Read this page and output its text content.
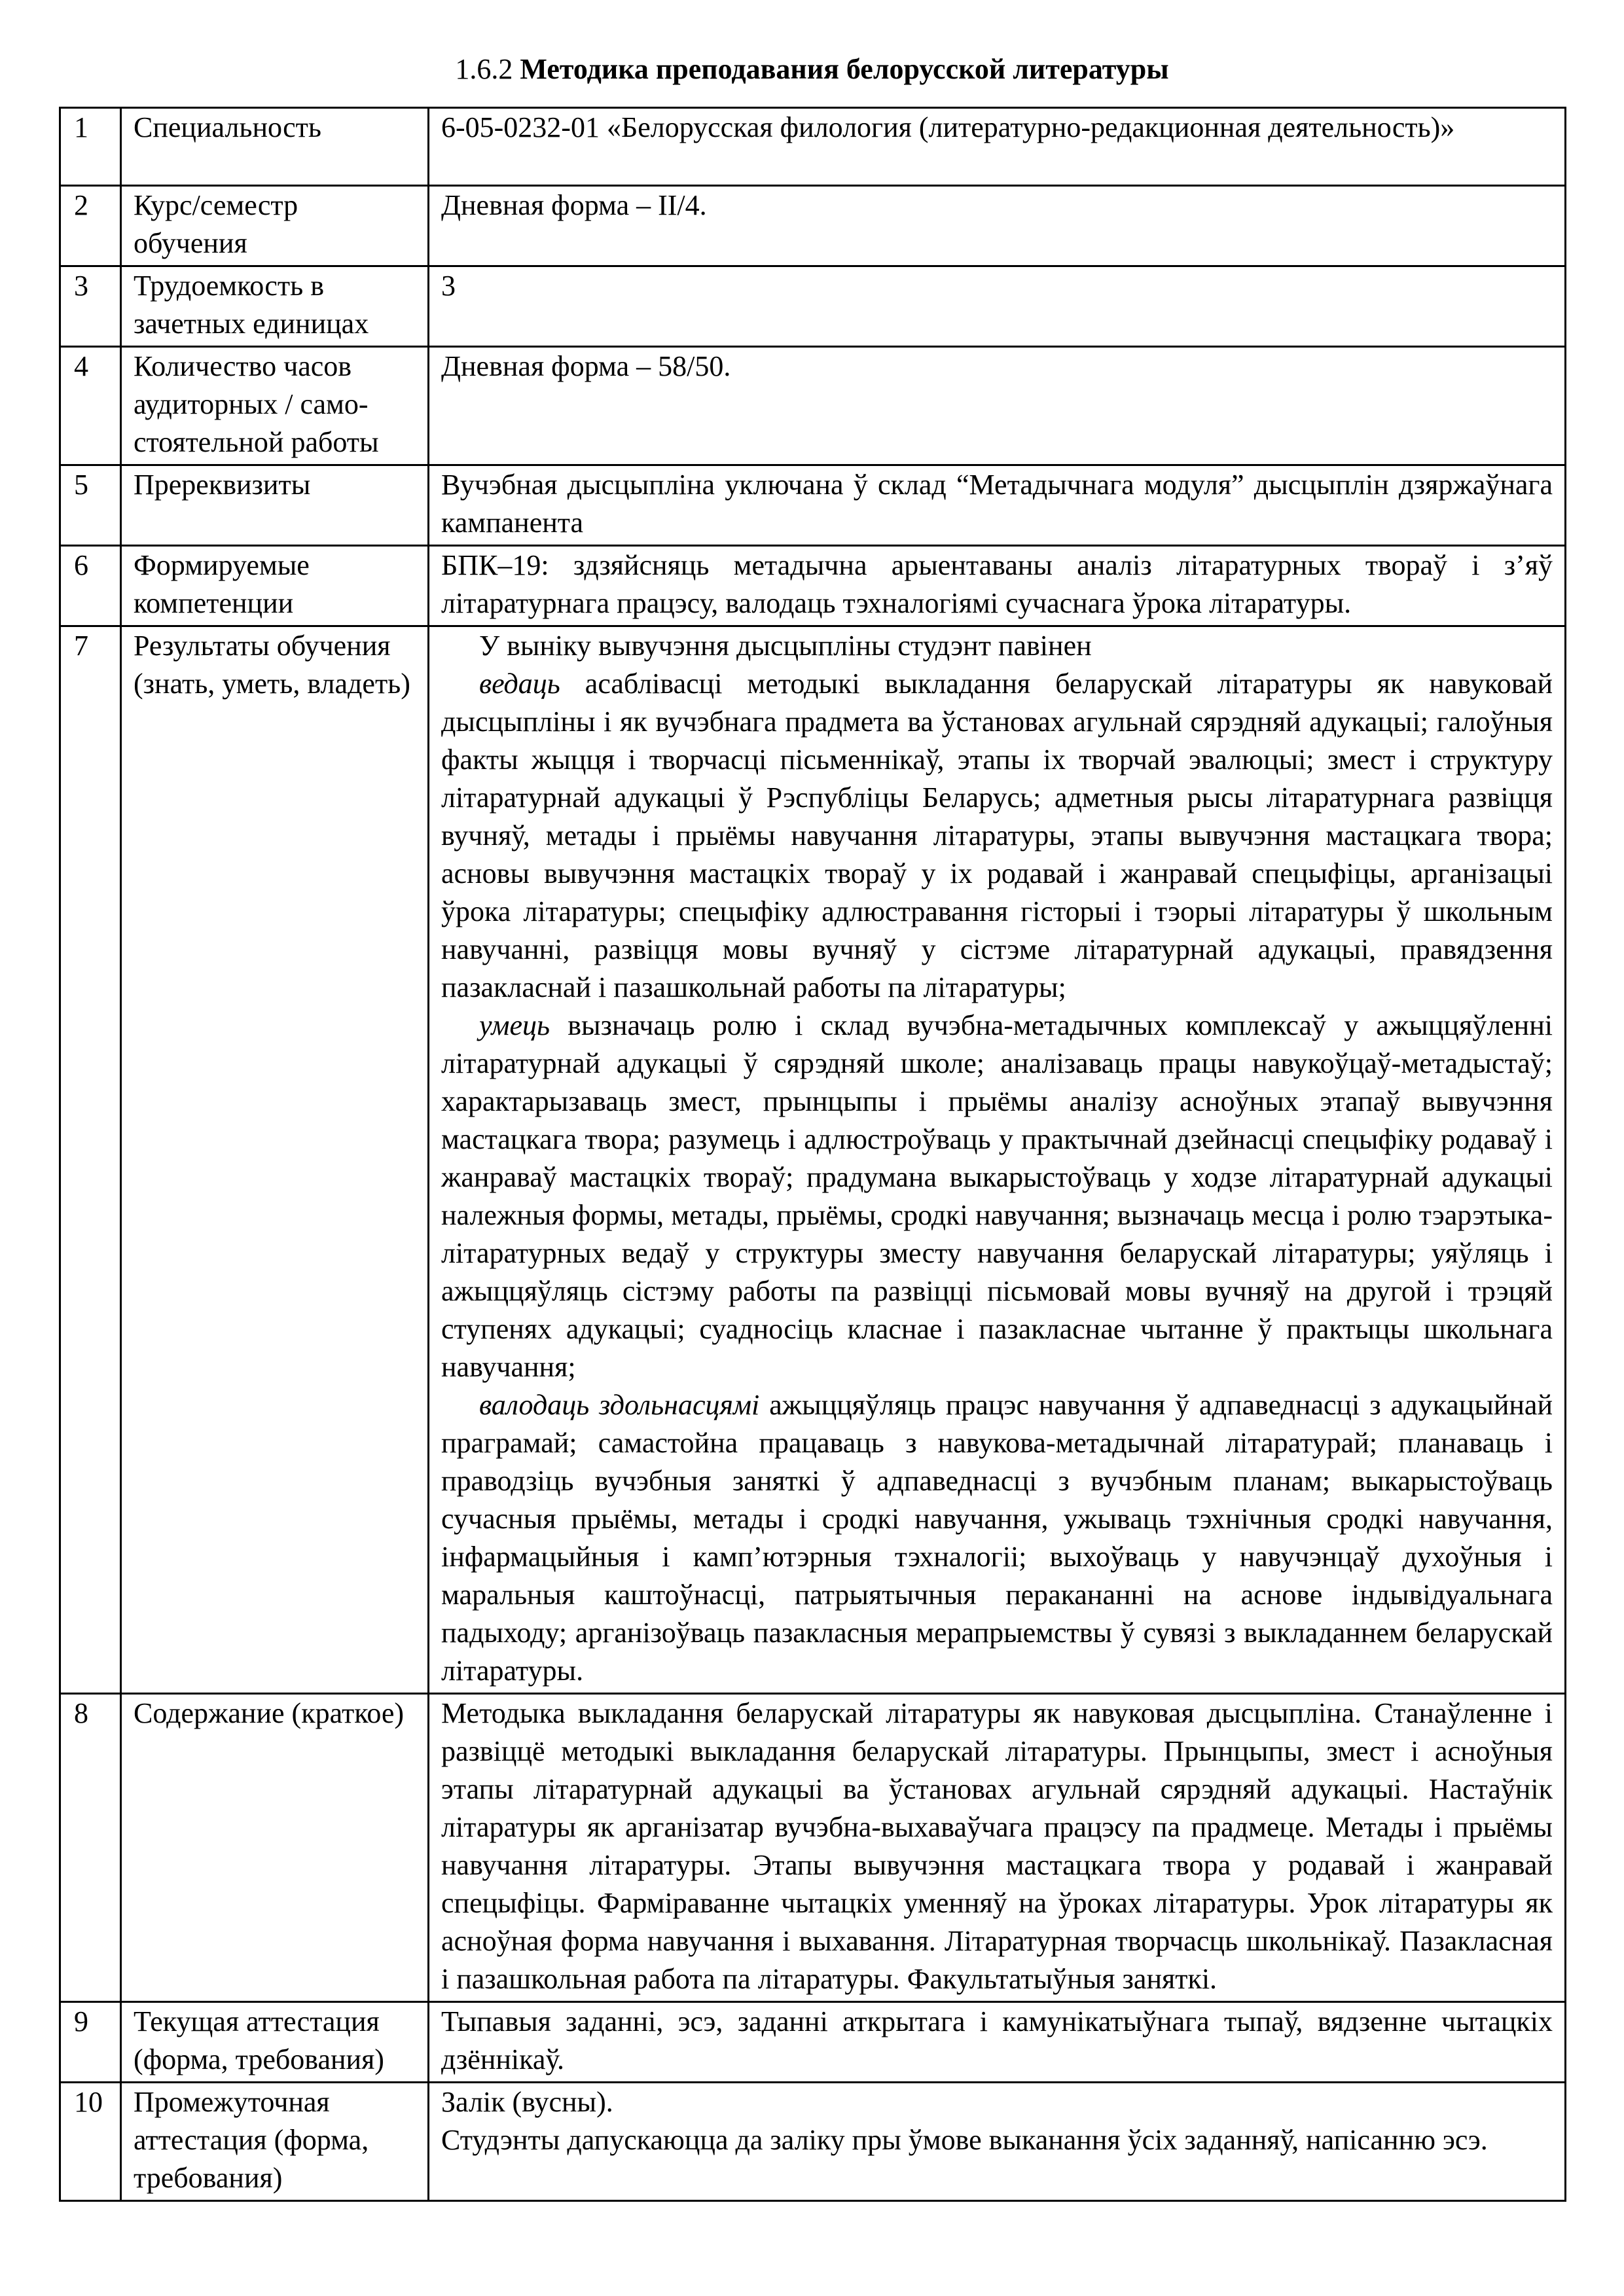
1.6.2 Методика преподавания белорусской литературы
1	Специальность	6-05-0232-01 «Белорусская филология (литературно-редакционная деятельность)»

2	Курс/семестр обучения	Дневная форма – II/4.
3	Трудоемкость в зачетных единицах	3
4	Количество часов аудиторных / само-стоятельной работы	Дневная форма – 58/50.
5	Пререквизиты	Вучэбная дысцыпліна уключана ў склад “Метадычнага модуля” дысцыплін дзяржаўнага кампанента

6	Формируемые компетенции	БПК–19: здзяйсняць метадычна арыентаваны аналіз літаратурных твораў і з’яў літаратурнага працэсу, валодаць тэхналогіямі сучаснага ўрока літаратуры.

7	Результаты обучения (знать, уметь, владеть)	У выніку вывучэння дысцыпліны студэнт павінен

ведаць асаблівасці методыкі выкладання беларускай літаратуры як навуковай дысцыпліны і як вучэбнага прадмета ва ўстановах агульнай сярэдняй адукацыі; галоўныя факты жыцця і творчасці пісьменнікаў, этапы іх творчай эвалюцыі; змест і структуру літаратурнай адукацыі ў Рэспубліцы Беларусь; адметныя рысы літаратурнага развіцця вучняў, метады і прыёмы навучання літаратуры, этапы вывучэння мастацкага твора; асновы вывучэння мастацкіх твораў у іх родавай і жанравай спецыфіцы, арганізацыі ўрока літаратуры; спецыфіку адлюстравання гісторыі і тэорыі літаратуры ў школьным навучанні, развіцця мовы вучняў у сістэме літаратурнай адукацыі, правядзення пазакласнай і пазашкольнай работы па літаратуры;

умець вызначаць ролю і склад вучэбна-метадычных комплексаў у ажыццяўленні літаратурнай адукацыі ў сярэдняй школе; аналізаваць працы навукоўцаў-метадыстаў; характарызаваць змест, прынцыпы і прыёмы аналізу асноўных этапаў вывучэння мастацкага твора; разумець і адлюстроўваць у практычнай дзейнасці спецыфіку родаваў і жанраваў мастацкіх твораў; прадумана выкарыстоўваць у ходзе літаратурнай адукацыі належныя формы, метады, прыёмы, сродкі навучання; вызначаць месца і ролю тэарэтыка-літаратурных ведаў у структуры зместу навучання беларускай літаратуры; уяўляць і ажыццяўляць сістэму работы па развіцці пісьмовай мовы вучняў на другой і трэцяй ступенях адукацыі; суадносіць класнае і пазакласнае чытанне ў практыцы школьнага навучання;

валодаць здольнасцямі ажыццяўляць працэс навучання ў адпаведнасці з адукацыйнай праграмай; самастойна працаваць з навукова-метадычнай літаратурай; планаваць і праводзіць вучэбныя заняткі ў адпаведнасці з вучэбным планам; выкарыстоўваць сучасныя прыёмы, метады і сродкі навучання, ужываць тэхнічныя сродкі навучання, інфармацыйныя і камп’ютэрныя тэхналогіі; выхоўваць у навучэнцаў духоўныя і маральныя каштоўнасці, патрыятычныя перакананні на аснове індывідуальнага падыходу; арганізоўваць пазакласныя мерапрыемствы ў сувязі з выкладаннем беларускай літаратуры.

8	Содержание (краткое)	Методыка выкладання беларускай літаратуры як навуковая дысцыпліна. Станаўленне і развіццё методыкі выкладання беларускай літаратуры. Прынцыпы, змест і асноўныя этапы літаратурнай адукацыі ва ўстановах агульнай сярэдняй адукацыі. Настаўнік літаратуры як арганізатар вучэбна-выхаваўчага працэсу па прадмеце. Метады і прыёмы навучання літаратуры. Этапы вывучэння мастацкага твора у родавай і жанравай спецыфіцы. Фарміраванне чытацкіх уменняў на ўроках літаратуры. Урок літаратуры як асноўная форма навучання і выхавання. Літаратурная творчасць школьнікаў. Пазакласная і пазашкольная работа па літаратуры. Факультатыўныя заняткі.

9	Текущая аттестация (форма, требования)	Тыпавыя заданні, эсэ, заданні аткрытага і камунікатыўнага тыпаў, вядзенне чытацкіх дзённікаў.

10	Промежуточная аттестация (форма, требования)	Залік (вусны).

Студэнты дапускаюцца да заліку пры ўмове выканання ўсіх заданняў, напісанню эсэ.
